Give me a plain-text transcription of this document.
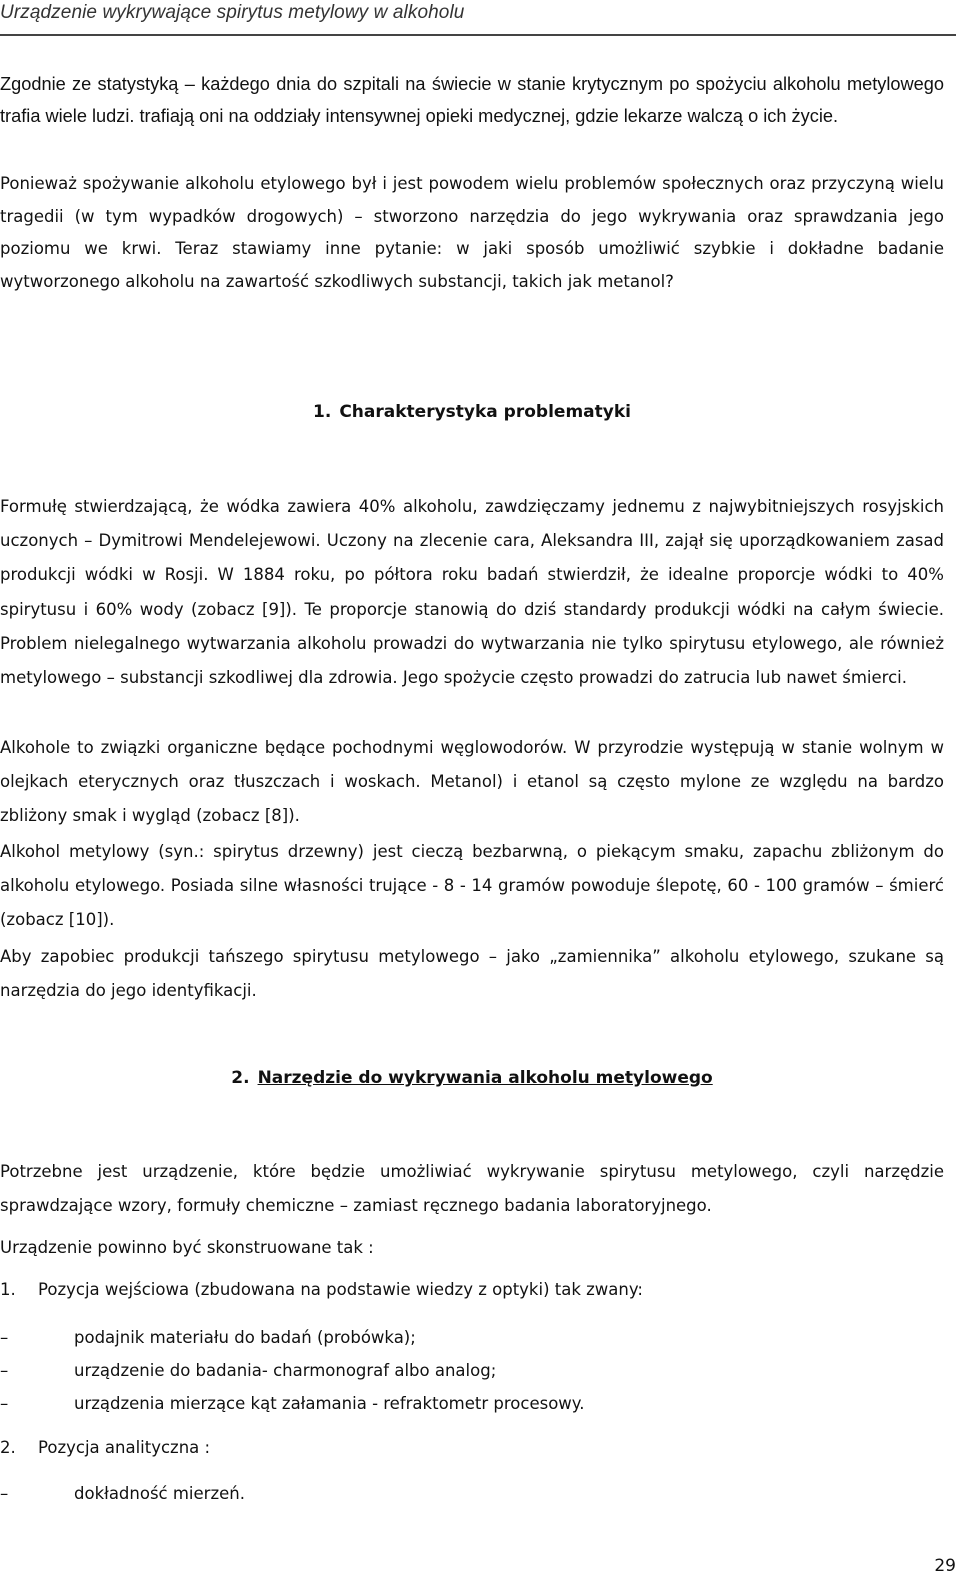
Urządzenie wykrywające spirytus metylowy w alkoholu
Zgodnie ze statystyką – każdego dnia do szpitali na świecie w stanie krytycznym po spożyciu alkoholu metylowego trafia wiele ludzi. trafiają oni na oddziały intensywnej opieki medycznej, gdzie lekarze walczą o ich życie.
Ponieważ spożywanie alkoholu etylowego był i jest powodem wielu problemów społecznych oraz przyczyną wielu tragedii (w tym wypadków drogowych) – stworzono narzędzia do jego wykrywania oraz sprawdzania jego poziomu we krwi. Teraz stawiamy inne pytanie: w jaki sposób umożliwić szybkie i dokładne badanie wytworzonego alkoholu na zawartość szkodliwych substancji, takich jak metanol?
1. Charakterystyka problematyki
Formułę stwierdzającą, że wódka zawiera 40% alkoholu, zawdzięczamy jednemu z najwybitniejszych rosyjskich uczonych – Dymitrowi Mendelejewowi. Uczony na zlecenie cara, Aleksandra III, zajął się uporządkowaniem zasad produkcji wódki w Rosji. W 1884 roku, po półtora roku badań stwierdził, że idealne proporcje wódki to 40% spirytusu i 60% wody (zobacz [9]). Te proporcje stanowią do dziś standardy produkcji wódki na całym świecie. Problem nielegalnego wytwarzania alkoholu prowadzi do wytwarzania nie tylko spirytusu etylowego, ale również metylowego – substancji szkodliwej dla zdrowia. Jego spożycie często prowadzi do zatrucia lub nawet śmierci.
Alkohole to związki organiczne będące pochodnymi węglowodorów. W przyrodzie występują w stanie wolnym w olejkach eterycznych oraz tłuszczach i woskach. Metanol) i etanol są często mylone ze względu na bardzo zbliżony smak i wygląd (zobacz [8]).
Alkohol metylowy (syn.: spirytus drzewny) jest cieczą bezbarwną, o piekącym smaku, zapachu zbliżonym do alkoholu etylowego. Posiada silne własności trujące - 8 - 14 gramów powoduje ślepotę, 60 - 100 gramów – śmierć (zobacz [10]).
Aby zapobiec produkcji tańszego spirytusu metylowego – jako „zamiennika” alkoholu etylowego, szukane są narzędzia do jego identyfikacji.
2. Narzędzie do wykrywania alkoholu metylowego
Potrzebne jest urządzenie, które będzie umożliwiać wykrywanie spirytusu metylowego, czyli narzędzie sprawdzające wzory, formuły chemiczne – zamiast ręcznego badania laboratoryjnego.
Urządzenie powinno być skonstruowane tak :
1. Pozycja wejściowa (zbudowana na podstawie wiedzy z optyki) tak zwany:
–	podajnik materiału do badań (probówka);
–	urządzenie do badania- charmonograf albo analog;
–	urządzenia mierzące kąt załamania - refraktometr procesowy.
2. Pozycja analityczna :
–	dokładność mierzeń.
29
